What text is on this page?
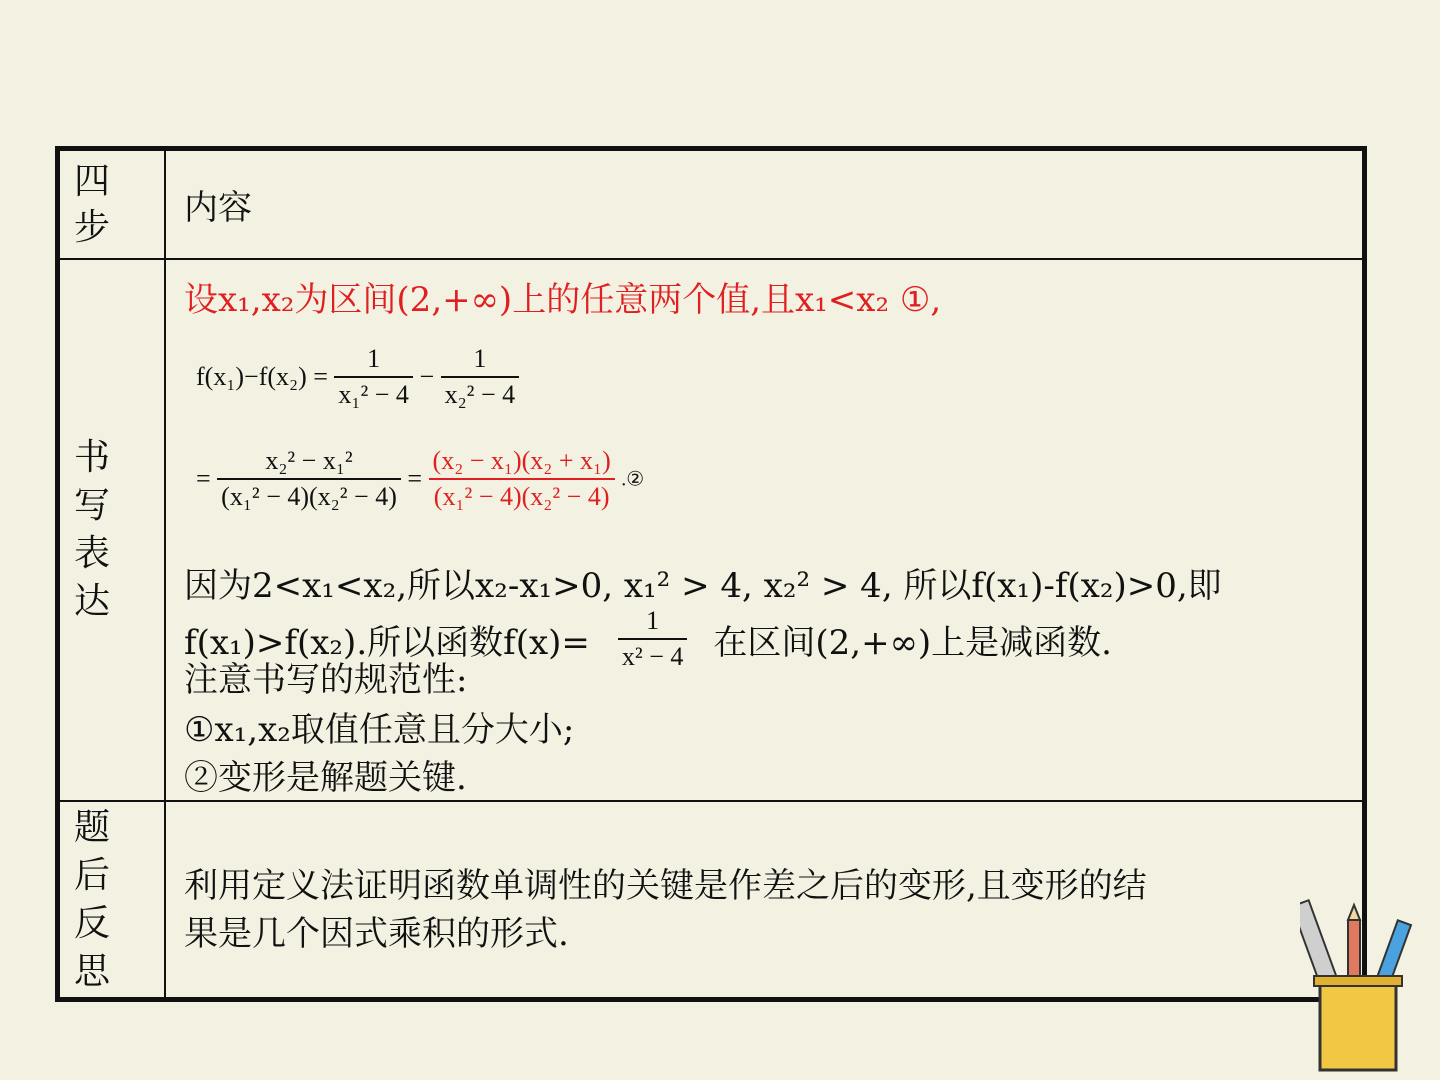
四步 内容
书写表达
设x₁,x₂为区间(2,+∞)上的任意两个值,且x₁<x₂ ①,
$f(x_1)-f(x_2) = \frac{1}{\text{x₁² − 4}} - \frac{1}{\text{x₂² − 4}}$
= $\frac{\text{x₂² − x₁²}}{\text{(x₁² − 4)(x₂² − 4)}} = \frac{\text{(x₂ − x₁)(x₂ + x₁)}}{\text{(x₁² − 4)(x₂² − 4)}}$ .②
因为2<x₁<x₂,所以x₂-x₁>0, x₁² > 4, x₂² > 4, 所以f(x₁)-f(x₂)>0,即
f(x₁)>f(x₂).所以函数$f(x)= \frac{1}{\text{x² − 4}}$ 在区间(2,+∞)上是减函数.
注意书写的规范性:
①x₁,x₂取值任意且分大小;
②变形是解题关键.
题后反思
利用定义法证明函数单调性的关键是作差之后的变形,且变形的结
果是几个因式乘积的形式.
